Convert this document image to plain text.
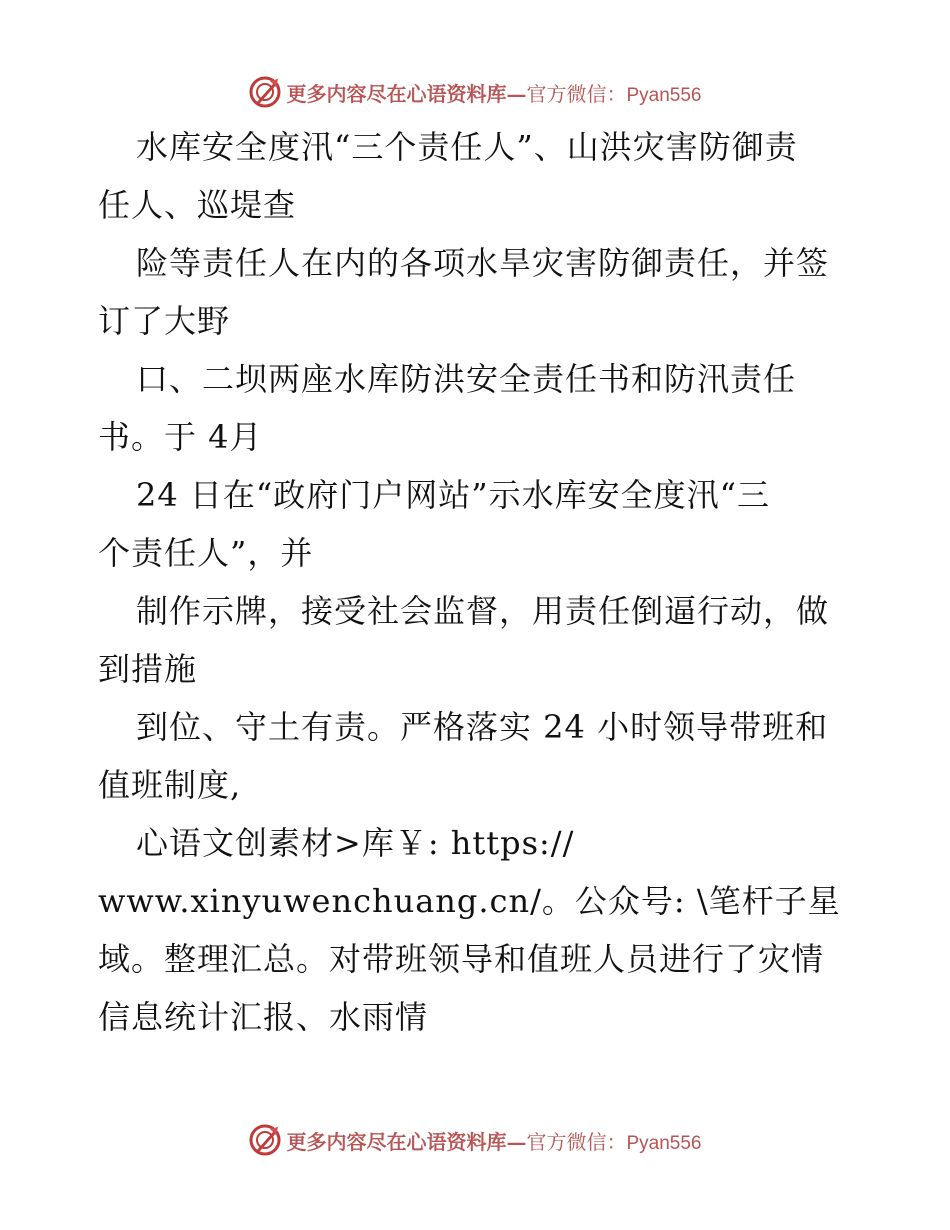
更多内容尽在心语资料库—官方微信：Pyan556
水库安全度汛“三个责任人”、山洪灾害防御责
任人、巡堤查
险等责任人在内的各项水旱灾害防御责任，并签
订了大野
口、二坝两座水库防洪安全责任书和防汛责任
书。于 4月
24 日在“政府门户网站”示水库安全度汛“三
个责任人”，并
制作示牌，接受社会监督，用责任倒逼行动，做
到措施
到位、守土有责。严格落实 24 小时领导带班和
值班制度,
心语文创素材>库￥: https://
www.xinyuwenchuang.cn/。公众号: \笔杆子星
域。整理汇总。对带班领导和值班人员进行了灾情
信息统计汇报、水雨情
更多内容尽在心语资料库—官方微信：Pyan556
